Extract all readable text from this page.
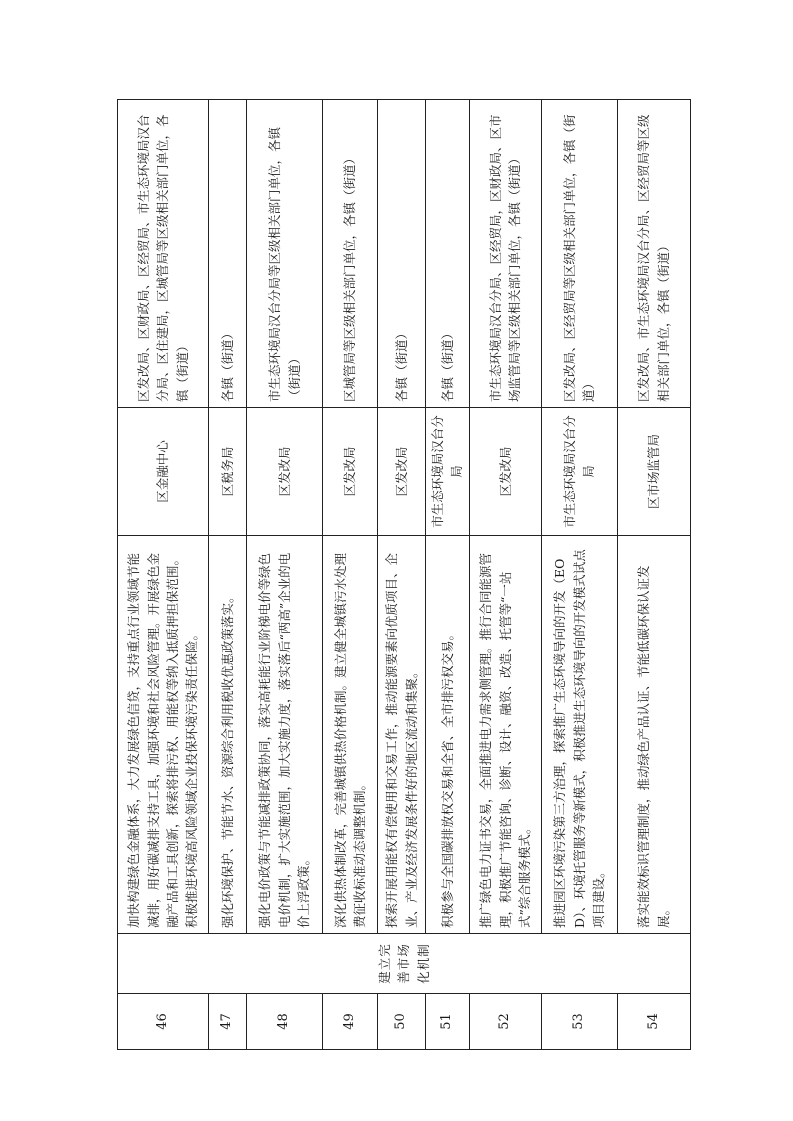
46	建立完善市场化机制	加快构建绿色金融体系，大力发展绿色信贷，支持重点行业领域节能减排，用好碳减排支持工具，加强环境和社会风险管理。开展绿色金融产品和工具创新，探索将排污权、用能权等纳入抵质押担保范围。积极推进环境高风险领域企业投保环境污染责任保险。	区金融中心	区发改局、区财政局、区经贸局、市生态环境局汉台分局、区住建局，区城管局等区级相关部门单位，各镇（街道）
47		强化环境保护、节能节水、资源综合利用税收优惠政策落实。	区税务局	各镇（街道）
48		强化电价政策与节能减排政策协同，落实高耗能行业阶梯电价等绿色电价机制，扩大实施范围，加大实施力度，落实落后“两高”企业的电价上浮政策。	区发改局	市生态环境局汉台分局等区级相关部门单位，各镇（街道）
49		深化供热体制改革，完善城镇供热价格机制。建立健全城镇污水处理费征收标准动态调整机制。	区发改局	区城管局等区级相关部门单位，各镇（街道）
50		探索开展用能权有偿使用和交易工作，推动能源要素向优质项目、企业、产业及经济发展条件好的地区流动和集聚。	区发改局	各镇（街道）
51		积极参与全国碳排放权交易和全省、全市排污权交易。	市生态环境局汉台分局	各镇（街道）
52		推广绿色电力证书交易，全面推进电力需求侧管理。推行合同能源管理，积极推广节能咨询、诊断、设计、融资、改造、托管等“一站式”综合服务模式。	区发改局	市生态环境局汉台分局、区经贸局，区财政局、区市场监管局等区级相关部门单位，各镇（街道）
53		推进园区环境污染第三方治理，探索推广生态环境导向的开发（EOD）、环境托管服务等新模式，积极推进生态环境导向的开发模式试点项目建设。	市生态环境局汉台分局	区发改局、区经贸局等区级相关部门单位，各镇（街道）
54		落实能效标识管理制度，推动绿色产品认证、节能低碳环保认证发展。	区市场监管局	区发改局、市生态环境局汉台分局、区经贸局等区级相关部门单位，各镇（街道）
